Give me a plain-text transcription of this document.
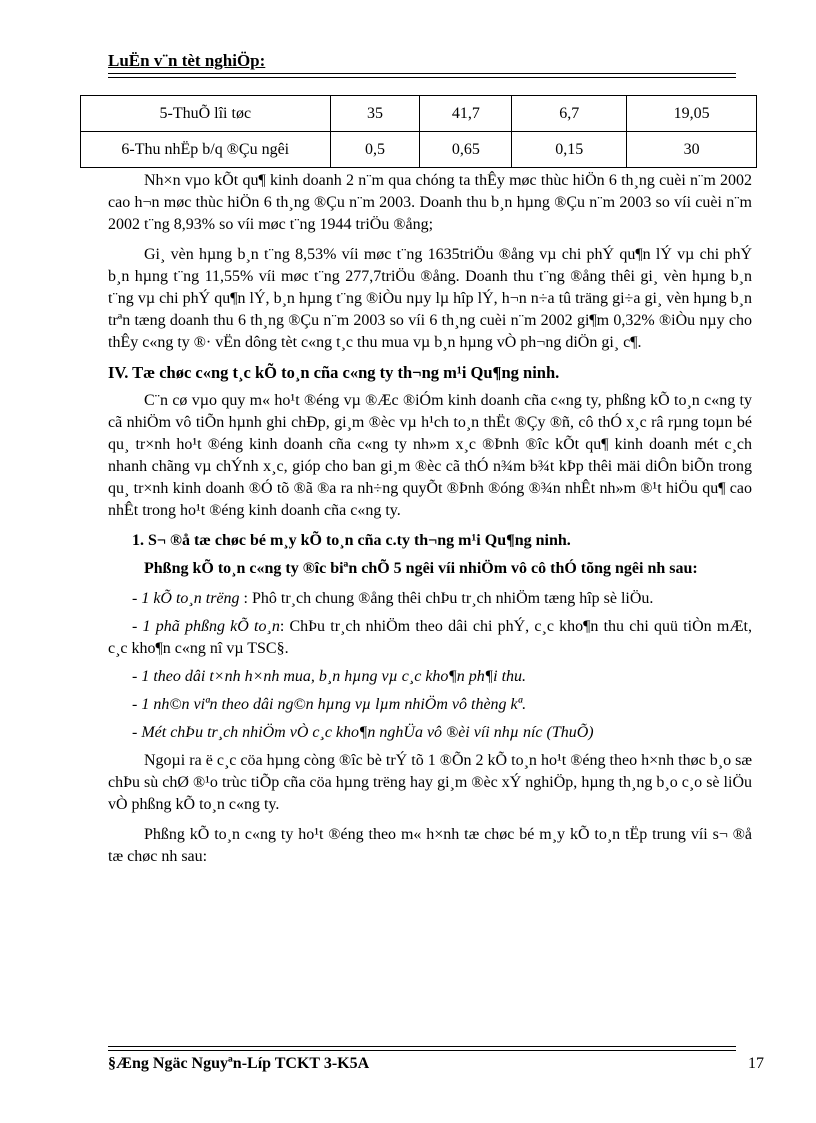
LuËn v¨n tèt nghiÖp:
5-ThuÕ lîi tøc	35	41,7	6,7	19,05
6-Thu nhËp b/q ®Çu ngêi	0,5	0,65	0,15	30

Nh×n vµo kÕt qu¶ kinh doanh 2 n¨m qua chóng ta thÊy møc thùc hiÖn 6 th¸ng cuèi n¨m 2002 cao h¬n møc thùc hiÖn 6 th¸ng ®Çu n¨m 2003. Doanh thu b¸n hµng ®Çu n¨m 2003 so víi cuèi n¨m 2002 t¨ng 8,93% so víi møc t¨ng 1944 triÖu ®ång;

Gi¸ vèn hµng b¸n t¨ng 8,53% víi møc t¨ng 1635triÖu ®ång vµ chi phÝ qu¶n lÝ vµ chi phÝ b¸n hµng t¨ng 11,55% víi møc t¨ng 277,7triÖu ®ång. Doanh thu t¨ng ®ång thêi gi¸ vèn hµng b¸n t¨ng vµ chi phÝ qu¶n lÝ, b¸n hµng t¨ng ®iÒu nµy lµ hîp lÝ, h¬n n÷a tû träng gi÷a gi¸ vèn hµng b¸n trªn tæng doanh thu 6 th¸ng ®Çu n¨m 2003 so víi 6 th¸ng cuèi n¨m 2002 gi¶m 0,32% ®iÒu nµy cho thÊy c«ng ty ®· vËn dông tèt c«ng t¸c thu mua vµ b¸n hµng vÒ ph¬ng diÖn gi¸ c¶.

IV. Tæ chøc c«ng t¸c kÕ to¸n cña c«ng ty th¬ng m¹i Qu¶ng ninh.

C¨n cø vµo quy m« ho¹t ®éng vµ ®Æc ®iÓm kinh doanh cña c«ng ty, phßng kÕ to¸n c«ng ty cã nhiÖm vô tiÕn hµnh ghi chÐp, gi¸m ®èc vµ h¹ch to¸n thËt ®Çy ®ñ, cô thÓ x¸c râ rµng toµn bé qu¸ tr×nh ho¹t ®éng kinh doanh cña c«ng ty nh»m x¸c ®Þnh ®îc kÕt qu¶ kinh doanh mét c¸ch nhanh chãng vµ chÝnh x¸c, gióp cho ban gi¸m ®èc cã thÓ n¾m b¾t kÞp thêi mäi diÔn biÕn trong qu¸ tr×nh kinh doanh ®Ó tõ ®ã ®a ra nh÷ng quyÕt ®Þnh ®óng ®¾n nhÊt nh»m ®¹t hiÖu qu¶ cao nhÊt trong ho¹t ®éng kinh doanh cña c«ng ty.

1. S¬ ®å tæ chøc bé m¸y kÕ to¸n cña c.ty th¬ng m¹i Qu¶ng ninh.

Phßng kÕ to¸n c«ng ty ®îc biªn chÕ 5 ngêi víi nhiÖm vô cô thÓ tõng ngêi nh sau:

- 1 kÕ to¸n trëng : Phô tr¸ch chung ®ång thêi chÞu tr¸ch nhiÖm tæng hîp sè liÖu.

- 1 phã phßng kÕ to¸n: ChÞu tr¸ch nhiÖm theo dâi chi phÝ, c¸c kho¶n thu chi quü tiÒn mÆt, c¸c kho¶n c«ng nî vµ TSC§.

- 1 theo dâi t×nh h×nh mua, b¸n hµng vµ c¸c kho¶n ph¶i thu.

- 1 nh©n viªn theo dâi ng©n hµng vµ lµm nhiÖm vô thèng kª.

- Mét chÞu tr¸ch nhiÖm vÒ c¸c kho¶n nghÜa vô ®èi víi nhµ níc (ThuÕ)

Ngoµi ra ë c¸c cöa hµng còng ®îc bè trÝ tõ 1 ®Õn 2 kÕ to¸n ho¹t ®éng theo h×nh thøc b¸o sæ chÞu sù chØ ®¹o trùc tiÕp cña cöa hµng trëng hay gi¸m ®èc xÝ nghiÖp, hµng th¸ng b¸o c¸o sè liÖu vÒ phßng kÕ to¸n c«ng ty.

Phßng kÕ to¸n c«ng ty ho¹t ®éng theo m« h×nh tæ chøc bé m¸y kÕ to¸n tËp trung víi s¬ ®å tæ chøc nh sau:

§Æng Ngäc Nguyªn-Líp TCKT 3-K5A	17
